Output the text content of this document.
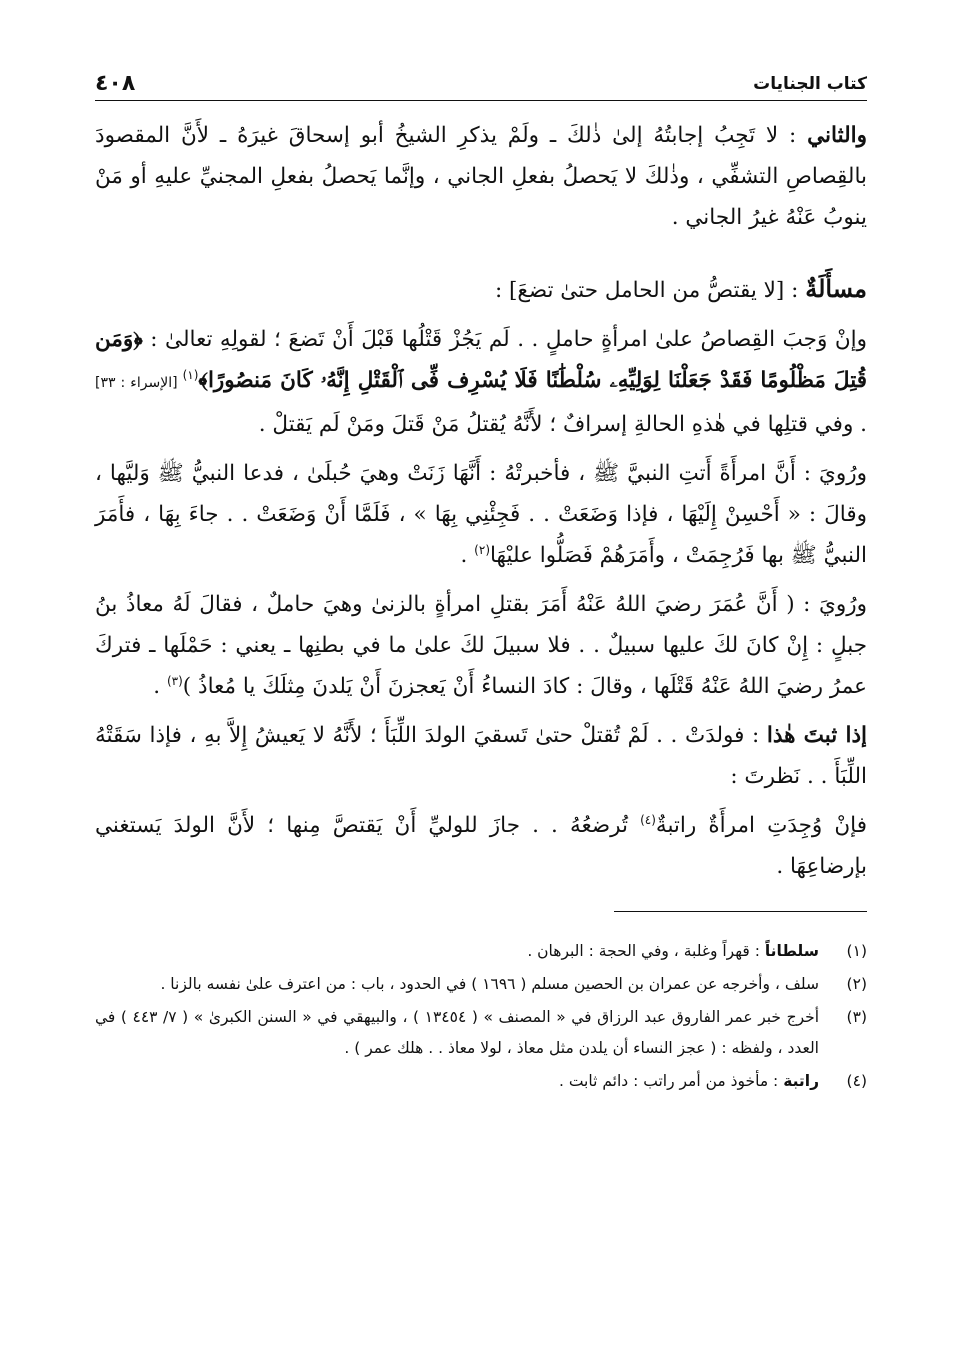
كتاب الجنايات
٤٠٨

والثاني : لا تَجِبُ إجابتُهُ إلىٰ ذٰلكَ ـ ولَمْ يذكرِ الشيخُ أبو إسحاقَ غيرَهُ ـ لأَنَّ المقصودَ بالقِصاصِ التشفِّي ، وذٰلكَ لا يَحصلُ بفعلِ الجاني ، وإنَّما يَحصلُ بفعلِ المجنيِّ عليهِ أو مَنْ ينوبُ عَنْهُ غيرُ الجاني .

مسأَلَةٌ : [لا يقتصُّ من الحامل حتىٰ تضعَ] :

وإنْ وَجبَ القِصاصُ علىٰ امرأةٍ حاملٍ . . لَم يَجُزْ قَتْلُها قَبْلَ أَنْ تَضعَ ؛ لقولِهِ تعالىٰ : ﴿وَمَن قُتِلَ مَظْلُومًا فَقَدْ جَعَلْنَا لِوَلِيِّهِۦ سُلْطَٰنًا فَلَا يُسْرِف فِّى ٱلْقَتْلِ إِنَّهُۥ كَانَ مَنصُورًا﴾$^{(١)}$ [الإسراء : ٣٣] . وفي قتلِها في هٰذهِ الحالةِ إسرافٌ ؛ لأَنَّهُ يُقتلُ مَنْ قَتلَ ومَنْ لَم يَقتلْ .

ورُويَ : أَنَّ امرأَةً أَتتِ النبيَّ ﷺ ، فأخبرتْهُ : أَنَّهَا زَنَتْ وهيَ حُبلَىٰ ، فدعا النبيُّ ﷺ وَليَّها ، وقالَ : « أَحْسِنْ إِلَيْهَا ، فإذا وَضَعَتْ . . فَجِئْنِي بِهَا » ، فَلَمَّا أَنْ وَضَعَتْ . . جاءَ بِهَا ، فأَمَرَ النبيُّ ﷺ بها فَرُجِمَتْ ، وأَمَرَهُمْ فَصَلُّوا عليْهَا$^{(٢)}$ .

ورُويَ : ( أَنَّ عُمَرَ رضيَ اللهُ عَنْهُ أَمَرَ بقتلِ امرأةٍ بالزنىٰ وهيَ حاملٌ ، فقالَ لَهُ معاذُ بنُ جبلٍ : إِنْ كانَ لكَ عليها سبيلٌ . . فلا سبيلَ لكَ علىٰ ما في بطنِها ـ يعني : حَمْلَها ـ فتركَ عمرُ رضيَ اللهُ عَنْهُ قَتْلَها ، وقالَ : كادَ النساءُ أَنْ يَعجزنَ أَنْ يَلدنَ مِثلَكَ يا مُعاذُ )$^{(٣)}$ .

إذا ثبتَ هٰذا : فولدَتْ . . لَمْ تُقتلْ حتىٰ تَسقيَ الولدَ اللِّبَأَ ؛ لأَنَّهُ لا يَعيشُ إِلاَّ بهِ ، فإذا سَقَتْهُ اللِّبَأَ . . نَظرتَ :

فإنْ وُجِدَتِ امرأَةٌ راتبةٌ$^{(٤)}$ تُرضعُهُ . . جازَ للوليِّ أَنْ يَقتصَّ مِنها ؛ لأَنَّ الولدَ يَستغني بإرضاعِهَا .

(١)
سلطاناً : قهراً وغلبة ، وفي الحجة : البرهان .
(٢)
سلف ، وأخرجه عن عمران بن الحصين مسلم ( ١٦٩٦ ) في الحدود ، باب : من اعترف علىٰ نفسه بالزنا .
(٣)
أخرج خبر عمر الفاروق عبد الرزاق في « المصنف » ( ١٣٤٥٤ ) ، والبيهقي في « السنن الكبرىٰ » ( ٧/ ٤٤٣ ) في العدد ، ولفظه : ( عجز النساء أن يلدن مثل معاذ ، لولا معاذ . . هلك عمر ) .
(٤)
راتبة : مأخوذ من أمر راتب : دائم ثابت .
